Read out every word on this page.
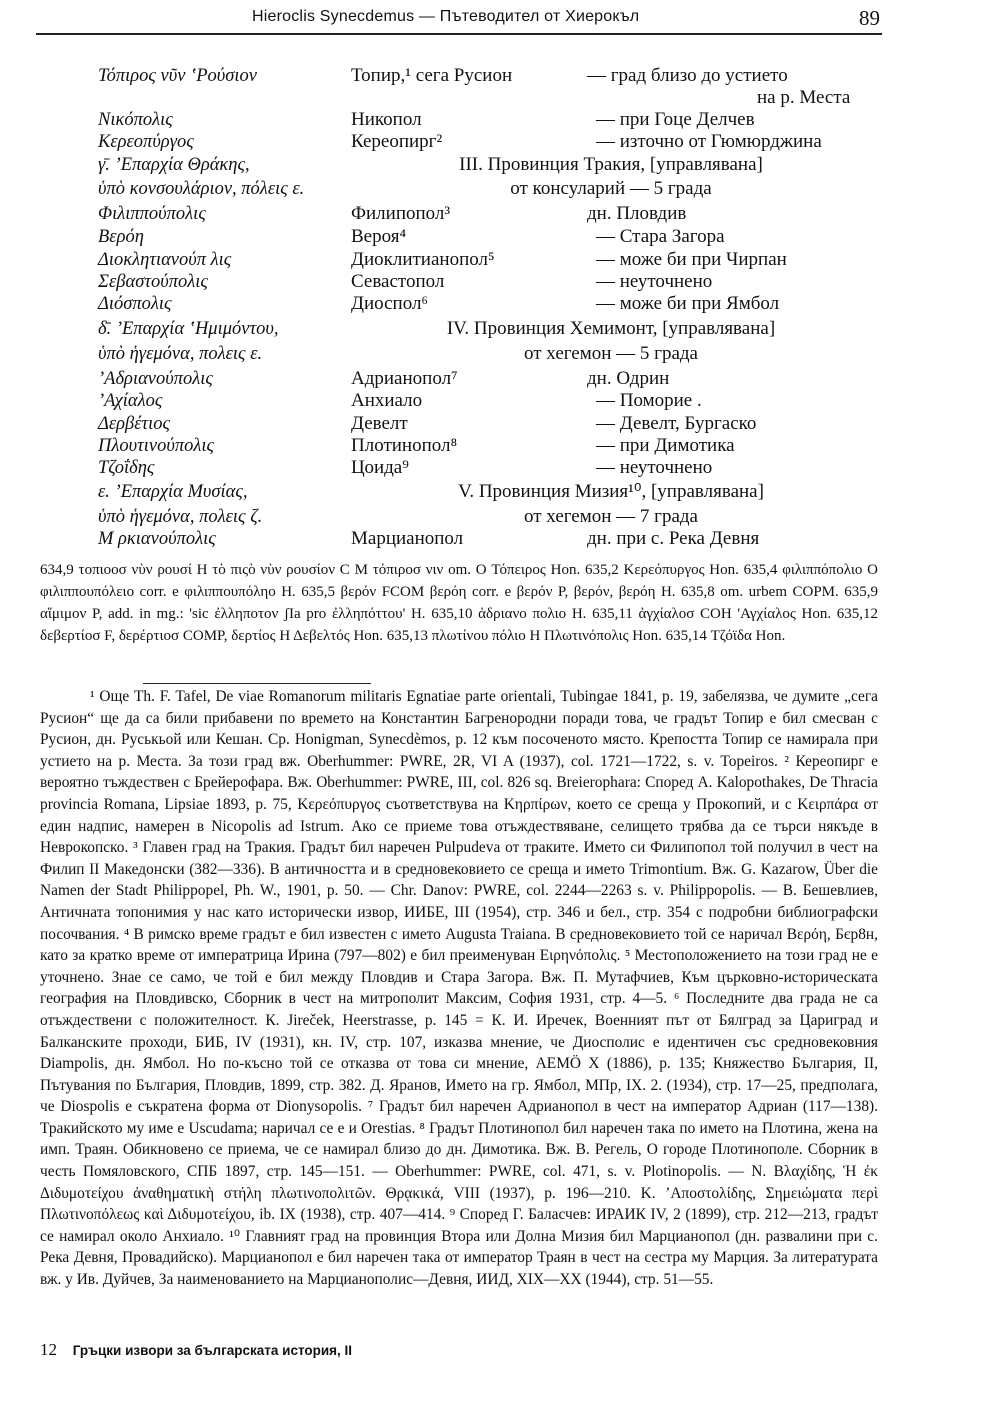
Hieroclis Synecdemus — Пътеводител от Хиерокъл	89
Τόπιρος νῦν ʽΡούσιον	Топир,¹ сега Русион	— град близо до устието
на р. Места
Νικόπολις	Никопол	— при Гоце Делчев
Κερεοπύργος	Кереопирг²	— източно от Гюмюрджина
γ̄. ʼΕπαρχία Θράκης,	III. Провинция Тракия, [управлявана]
ὑπὸ κονσουλάριον, πόλεις ε.	от консуларий — 5 града
Φιλιππούπολις	Филипопол³	дн. Пловдив
Βερόη	Вероя⁴	— Стара Загора
Διοκλητιανούπ λις	Диоклитианопол⁵	— може би при Чирпан
Σεβαστούπολις	Севастопол	— неуточнено
Διόσπολις	Диоспол⁶	— може би при Ямбол
δ̄. ʼΕπαρχία ʽΗμιμόντου,	IV. Провинция Хемимонт, [управлявана]
ὑπὸ ἡγεμόνα, πολεις ε.	от хегемон — 5 града
ʼΑδριανούπολις	Адрианопол⁷	дн. Одрин
ʼΑχίαλος	Анхиало	— Поморие .
Δερβέτιος	Девелт	— Девелт, Бургаско
Πλουτινούπολις	Плотинопол⁸	— при Димотика
Τζοΐδης	Цоида⁹	— неуточнено
ε. ʼΕπαρχία Μυσίας,	V. Провинция Мизия¹⁰, [управлявана]
ὑπὸ ἡγεμόνα, πολεις ζ.	от хегемон — 7 града
Μ ρκιανούπολις	Марцианопол	дн. при с. Река Девня

634,9 τοπιοοσ νὺν ρουσί Η τὸ πιςὸ νὺν ρουσίον C Μ τόπιροσ νιν om. O Τόπειρος Hon. 635,2 Κερεόπυργος Hon. 635,4 φιλιππόπολιο O φιλιππουπόλειο corr. e φιλιππουπόληο H. 635,5 βερόν FCOM βερόη corr. e βερόν P, βερόν, βερόη H. 635,8 om. urbem COPM. 635,9 αἵμιμον P, add. in mg.: 'sic ἐλληποτον ʃIa pro ἐλληπόττου' H. 635,10 ἀδριανο πολιο H. 635,11 ἀγχίαλοσ COH 'Αγχίαλος Hon. 635,12 δεβερτίοσ F, δερέρτιοσ COMP, δερτίος Η Δεβελτός Hon. 635,13 πλωτίνου πόλιο Η Πλωτινόπολις Hon. 635,14 Τζόϊδα Hon.

¹ Още Th. F. Tafel, De viae Romanorum militaris Egnatiae parte orientali, Tubingae 1841, p. 19, забелязва, че думите „сега Русион“ ще да са били прибавени по времето на Константин Багренородни поради това, че градът Топир е бил смесван с Русион, дн. Руськьой или Кешан. Ср. Honigman, Synecdèmos, p. 12 към посоченото място. Крепостта Топир се намирала при устието на р. Места. За този град вж. Oberhummer: PWRE, 2R, VI A (1937), col. 1721—1722, s. v. Topeiros. ² Кереопирг е вероятно тъждествен с Брейерофара. Вж. Oberhummer: PWRE, III, col. 826 sq. Breierophara: Според A. Kalopothakes, De Thracia provincia Romana, Lipsiae 1893, p. 75, Κερεόπυργος съответствува на Κηρπίρων, което се среща у Прокопий, и с Κειρπάρα от един надпис, намерен в Nicopolis ad Istrum. Ако се приеме това отъждествяване, селището трябва да се търси някъде в Неврокопско. ³ Главен град на Тракия. Градът бил наречен Pulpudeva от траките. Името си Филипопол той получил в чест на Филип II Македонски (382—336). В античността и в средновековието се среща и името Trimontium. Вж. G. Kazarow, Über die Namen der Stadt Philippopel, Ph. W., 1901, p. 50. — Chr. Danov: PWRE, col. 2244—2263 s. v. Philippopolis. — В. Бешевлиев, Античната топонимия у нас като исторически извор, ИИБЕ, III (1954), стр. 346 и бел., стр. 354 с подробни библиографски посочвания. ⁴ В римско време градът е бил известен с името Augusta Traiana. В средновековието той се наричал Βερόη, Бєр8н, като за кратко време от императрица Ирина (797—802) е бил преименуван Ειρηνόπολις. ⁵ Местоположението на този град не е уточнено. Знае се само, че той е бил между Пловдив и Стара Загора. Вж. П. Мутафчиев, Към църковно-историческата география на Пловдивско, Сборник в чест на митрополит Максим, София 1931, стр. 4—5. ⁶ Последните два града не са отъждествени с положителност. К. Jireček, Heerstrasse, p. 145 = К. И. Иречек, Военният път от Бялград за Цариград и Балканските проходи, БИБ, IV (1931), кн. IV, стр. 107, изказва мнение, че Диосполис е идентичен със средновековния Diampolis, дн. Ямбол. Но по-късно той се отказва от това си мнение, AEMÖ X (1886), p. 135; Княжество България, II, Пътувания по България, Пловдив, 1899, стр. 382. Д. Яранов, Името на гр. Ямбол, МПр, IX. 2. (1934), стр. 17—25, предполага, че Diospolis е съкратена форма от Dionysopolis. ⁷ Градът бил наречен Адрианопол в чест на император Адриан (117—138). Тракийското му име е Uscudama; наричал се е и Orestias. ⁸ Градът Плотинопол бил наречен така по името на Плотина, жена на имп. Траян. Обикновено се приема, че се намирал близо до дн. Димотика. Вж. В. Регель, О городе Плотинополе. Сборник в честь Помяловского, СПБ 1897, стр. 145—151. — Oberhummer: PWRE, col. 471, s. v. Plotinopolis. — N. Βλαχίδης, Ἡ ἐκ Διδυμοτείχου ἀναθηματικὴ στήλη πλωτινοπολιτῶν. Θρᾳκικά, VIII (1937), p. 196—210. Κ. ʼΑποστολίδης, Σημειώματα περὶ Πλωτινοπόλεως καὶ Διδυμοτείχου, ib. IX (1938), стр. 407—414. ⁹ Според Г. Баласчев: ИРАИК IV, 2 (1899), стр. 212—213, градът се намирал около Анхиало. ¹⁰ Главният град на провинция Втора или Долна Мизия бил Марцианопол (дн. развалини при с. Река Девня, Провадийско). Марцианопол е бил наречен така от император Траян в чест на сестра му Марция. За литературата вж. у Ив. Дуйчев, За наименованието на Марцианополис—Девня, ИИД, XIX—XX (1944), стр. 51—55.

12 Гръцки извори за българската история, II
